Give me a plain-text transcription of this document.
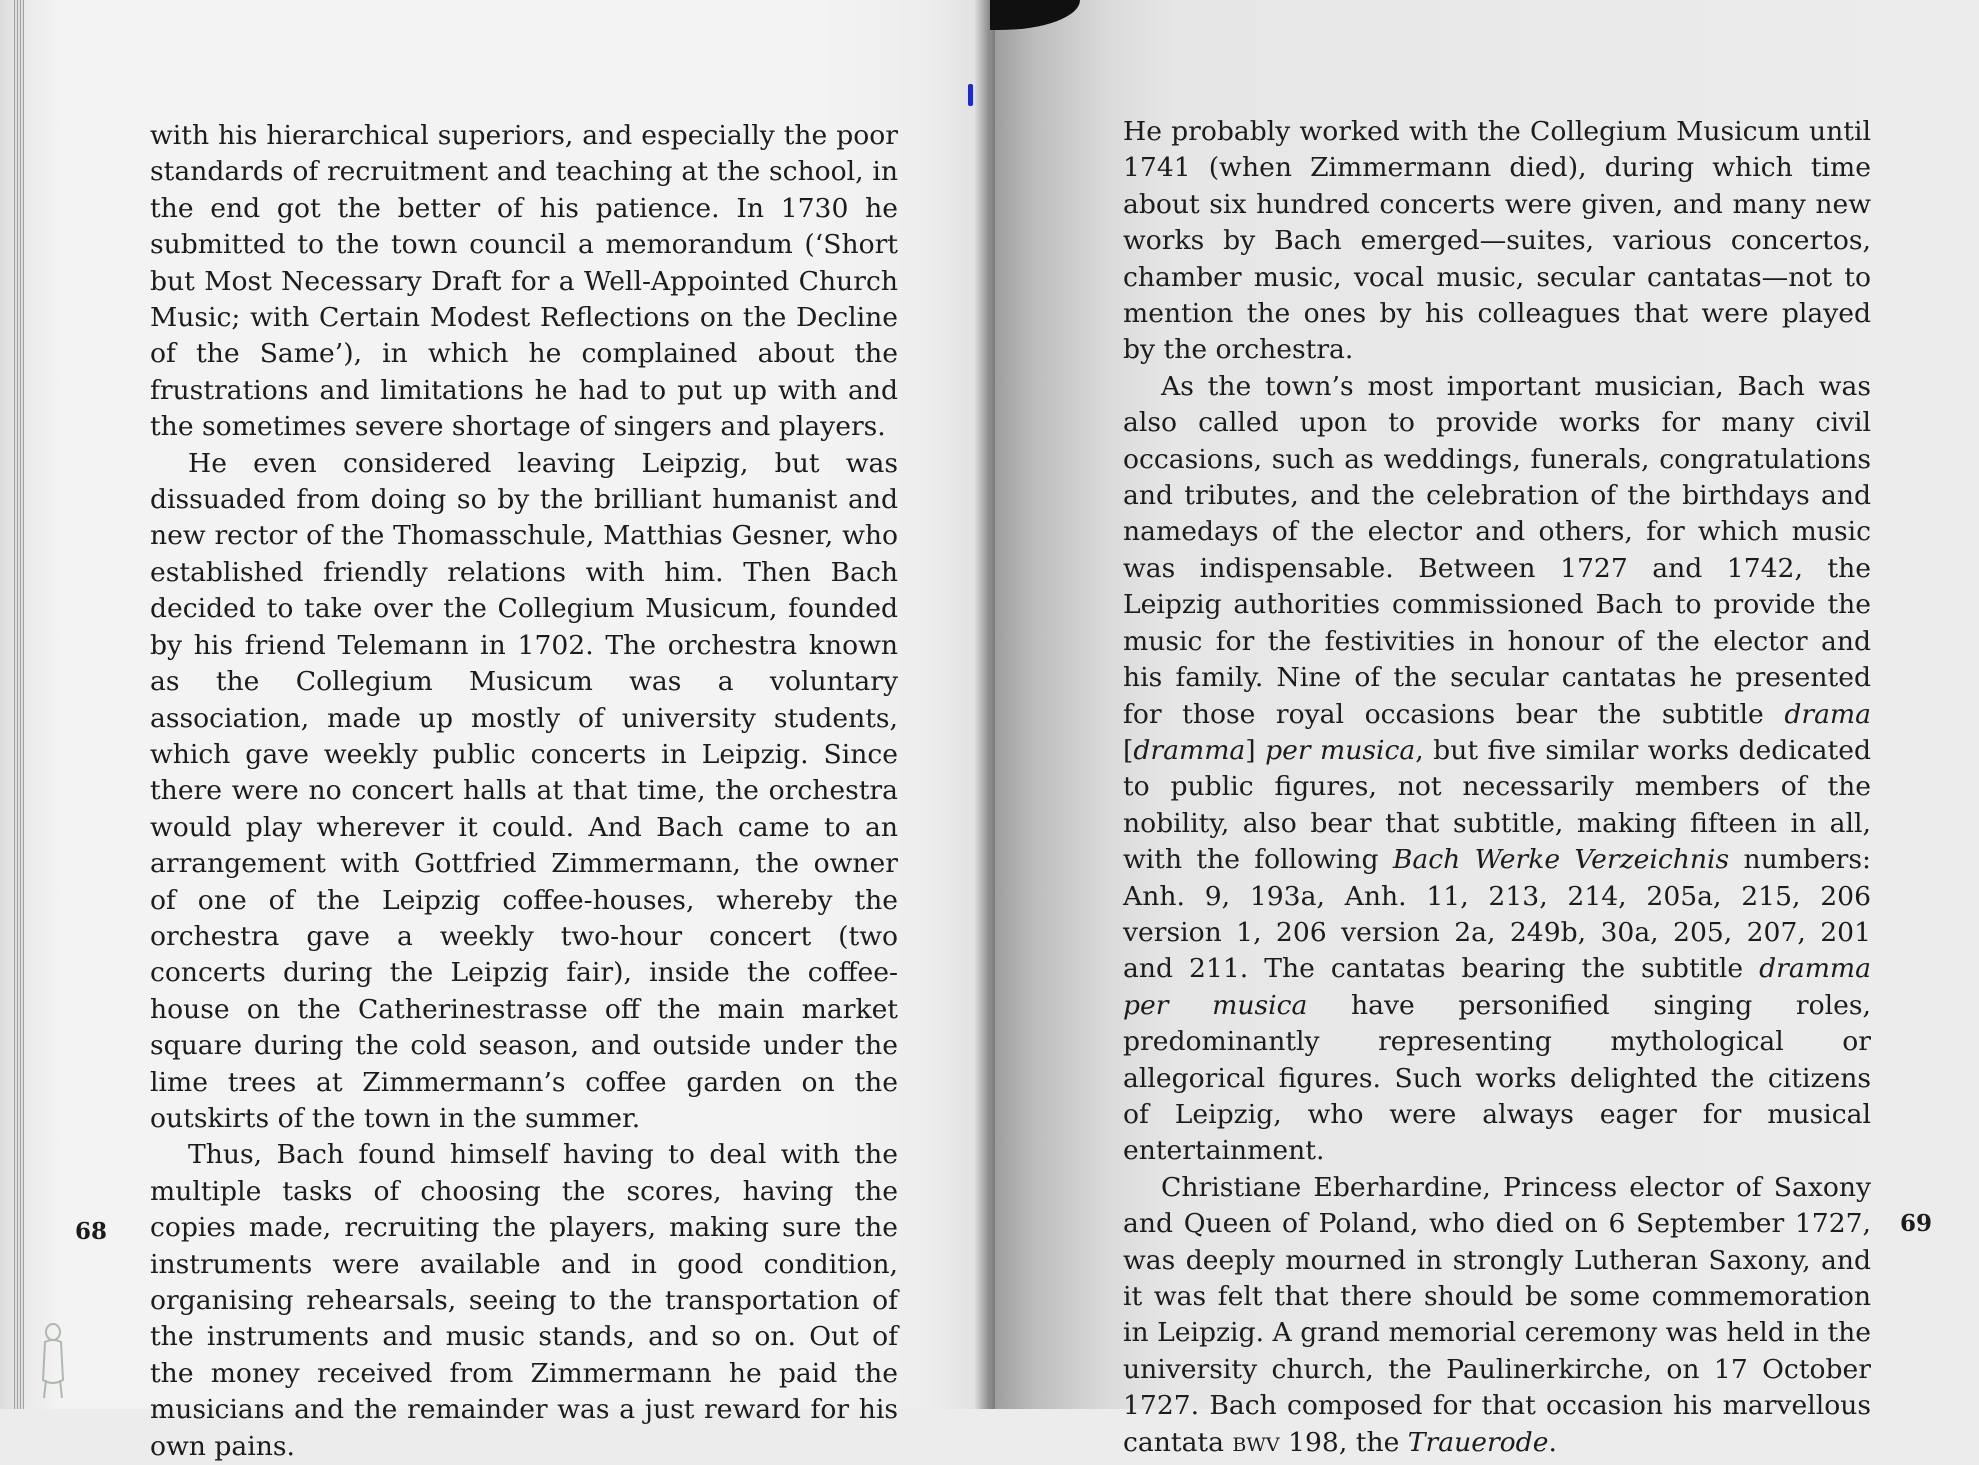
with his hierarchical superiors, and especially the poor standards of recruitment and teaching at the school, in the end got the better of his patience. In 1730 he submitted to the town council a memorandum (‘Short but Most Necessary Draft for a Well-Appointed Church Music; with Certain Modest Reflections on the Decline of the Same’), in which he complained about the frustrations and limitations he had to put up with and the sometimes severe shortage of singers and players.

He even considered leaving Leipzig, but was dissuaded from doing so by the brilliant humanist and new rector of the Thomasschule, Matthias Gesner, who established friendly relations with him. Then Bach decided to take over the Collegium Musicum, founded by his friend Telemann in 1702. The orchestra known as the Collegium Musicum was a voluntary association, made up mostly of university students, which gave weekly public concerts in Leipzig. Since there were no concert halls at that time, the orchestra would play wherever it could. And Bach came to an arrangement with Gottfried Zimmermann, the owner of one of the Leipzig coffee-houses, whereby the orchestra gave a weekly two-hour concert (two concerts during the Leipzig fair), inside the coffee-house on the Catherinestrasse off the main market square during the cold season, and outside under the lime trees at Zimmermann’s coffee garden on the outskirts of the town in the summer.

Thus, Bach found himself having to deal with the multiple tasks of choosing the scores, having the copies made, recruiting the players, making sure the instruments were available and in good condition, organising rehearsals, seeing to the transportation of the instruments and music stands, and so on. Out of the money received from Zimmermann he paid the musicians and the remainder was a just reward for his own pains.

68

He probably worked with the Collegium Musicum until 1741 (when Zimmermann died), during which time about six hundred concerts were given, and many new works by Bach emerged—suites, various concertos, chamber music, vocal music, secular cantatas—not to mention the ones by his colleagues that were played by the orchestra.

As the town’s most important musician, Bach was also called upon to provide works for many civil occasions, such as weddings, funerals, congratulations and tributes, and the celebration of the birthdays and namedays of the elector and others, for which music was indispensable. Between 1727 and 1742, the Leipzig authorities commissioned Bach to provide the music for the festivities in honour of the elector and his family. Nine of the secular cantatas he presented for those royal occasions bear the subtitle drama [dramma] per musica, but five similar works dedicated to public figures, not necessarily members of the nobility, also bear that subtitle, making fifteen in all, with the following Bach Werke Verzeichnis numbers: Anh. 9, 193a, Anh. 11, 213, 214, 205a, 215, 206 version 1, 206 version 2a, 249b, 30a, 205, 207, 201 and 211. The cantatas bearing the subtitle dramma per musica have personified singing roles, predominantly representing mythological or allegorical figures. Such works delighted the citizens of Leipzig, who were always eager for musical entertainment.

Christiane Eberhardine, Princess elector of Saxony and Queen of Poland, who died on 6 September 1727, was deeply mourned in strongly Lutheran Saxony, and it was felt that there should be some commemoration in Leipzig. A grand memorial ceremony was held in the university church, the Paulinerkirche, on 17 October 1727. Bach composed for that occasion his marvellous cantata bwv 198, the Trauerode.

69
